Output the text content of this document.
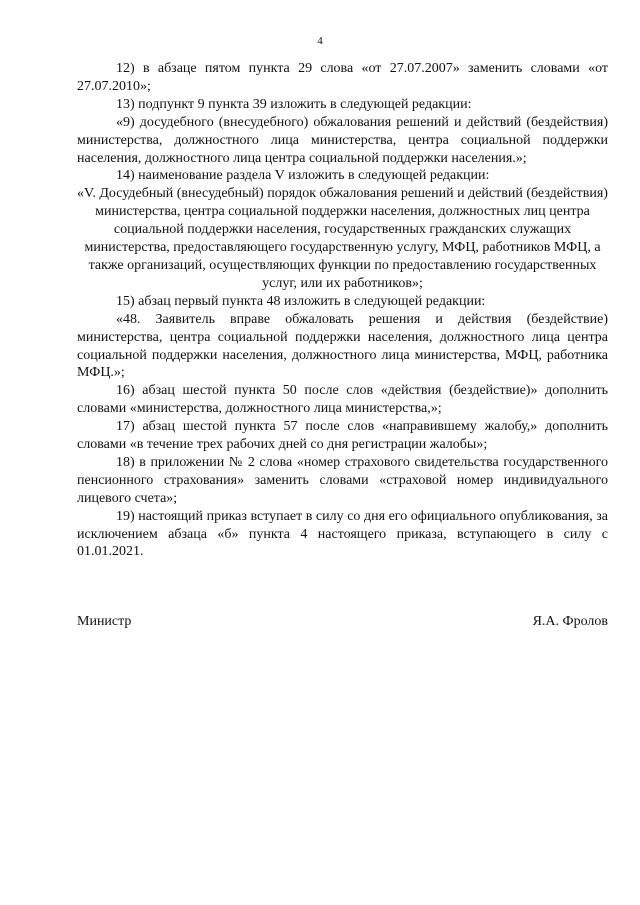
4

12) в абзаце пятом пункта 29 слова «от 27.07.2007» заменить словами «от 27.07.2010»;

13) подпункт 9 пункта 39 изложить в следующей редакции:

«9) досудебного (внесудебного) обжалования решений и действий (бездействия) министерства, должностного лица министерства, центра социальной поддержки населения, должностного лица центра социальной поддержки населения.»;

14) наименование раздела V изложить в следующей редакции:

«V. Досудебный (внесудебный) порядок обжалования решений и действий (бездействия) министерства, центра социальной поддержки населения, должностных лиц центра социальной поддержки населения, государственных гражданских служащих министерства, предоставляющего государственную услугу, МФЦ, работников МФЦ, а также организаций, осуществляющих функции по предоставлению государственных услуг, или их работников»;

15) абзац первый пункта 48 изложить в следующей редакции:

«48. Заявитель вправе обжаловать решения и действия (бездействие) министерства, центра социальной поддержки населения, должностного лица центра социальной поддержки населения, должностного лица министерства, МФЦ, работника МФЦ.»;

16) абзац шестой пункта 50 после слов «действия (бездействие)» дополнить словами «министерства, должностного лица министерства,»;

17) абзац шестой пункта 57 после слов «направившему жалобу,» дополнить словами «в течение трех рабочих дней со дня регистрации жалобы»;

18) в приложении № 2 слова «номер страхового свидетельства государственного пенсионного страхования» заменить словами «страховой номер индивидуального лицевого счета»;

19) настоящий приказ вступает в силу со дня его официального опубликования, за исключением абзаца «б» пункта 4 настоящего приказа, вступающего в силу с 01.01.2021.

Министр	Я.А. Фролов
